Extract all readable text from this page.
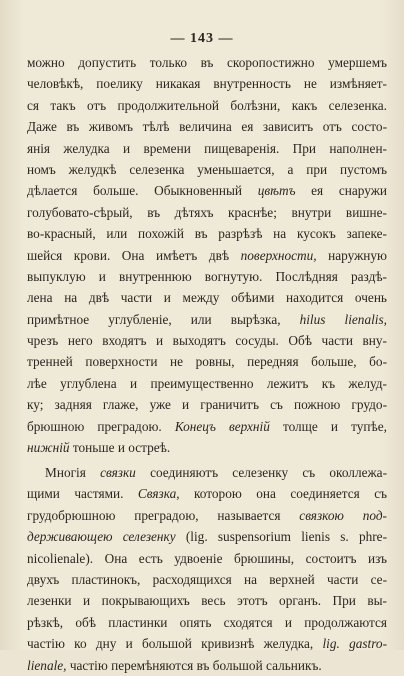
— 143 —
можно допустить только въ скоропостижно умершемъ
человѣкѣ, поелику никакая внутренность не измѣняет-
ся такъ отъ продолжительной болѣзни, какъ селезенка.
Даже въ живомъ тѣлѣ величина ея зависитъ отъ состо-
янія желудка и времени пищеваренія. При наполнен-
номъ желудкѣ селезенка уменьшается, а при пустомъ
дѣлается больше. Обыкновенный цвѣтъ ея снаружи
голубовато-сѣрый, въ дѣтяхъ краснѣе; внутри вишне-
во-красный, или похожій въ разрѣзѣ на кусокъ запеке-
шейся крови. Она имѣетъ двѣ поверхности, наружную
выпуклую и внутреннюю вогнутую. Послѣдняя раздѣ-
лена на двѣ части и между обѣими находится очень
примѣтное углубленіе, или вырѣзка, hilus lienalis,
чрезъ него входятъ и выходятъ сосуды. Обѣ части вну-
тренней поверхности не ровны, передняя больше, бо-
лѣе углублена и преимущественно лежитъ къ желуд-
ку; задняя глаже, уже и граничитъ съ пожною грудо-
брюшною преградою. Конецъ верхній толще и тупѣе,
нижній тоньше и остреѣ.
Многія связки соединяютъ селезенку съ околлежа-
щими частями. Связка, которою она соединяется съ
грудобрюшною преградою, называется связкою под-
держивающею селезенку (lig. suspensorium lienis s. phre-
nicolienale). Она есть удвоеніе брюшины, состоитъ изъ
двухъ пластинокъ, расходящихся на верхней части се-
лезенки и покрывающихъ весь этотъ органъ. При вы-
рѣзкѣ, обѣ пластинки опять сходятся и продолжаются
частію ко дну и большой кривизнѣ желудка, lig. gastro-
lienale, частію перемѣняются въ большой сальникъ.
